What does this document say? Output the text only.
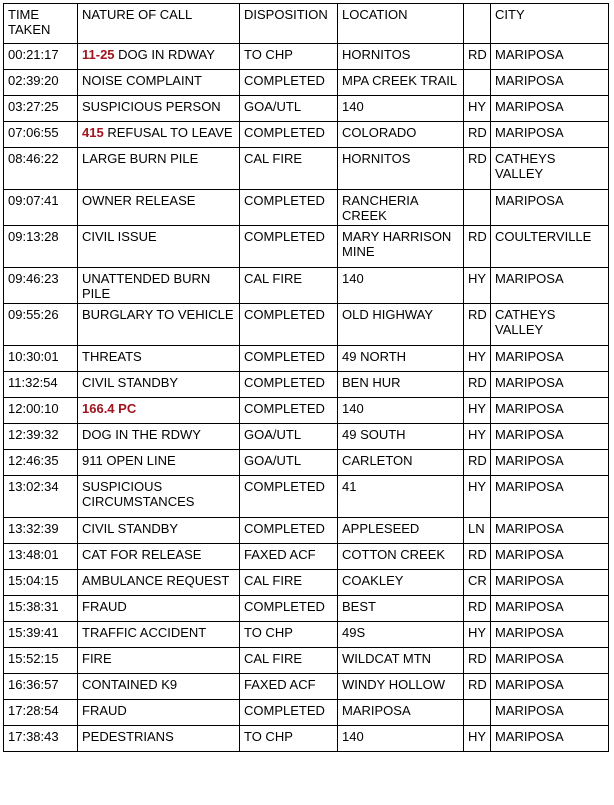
TIME TAKEN	NATURE OF CALL	DISPOSITION	LOCATION		CITY
00:21:17	11-25 DOG IN RDWAY	TO CHP	HORNITOS	RD	MARIPOSA
02:39:20	NOISE COMPLAINT	COMPLETED	MPA CREEK TRAIL		MARIPOSA
03:27:25	SUSPICIOUS PERSON	GOA/UTL	140	HY	MARIPOSA
07:06:55	415 REFUSAL TO LEAVE	COMPLETED	COLORADO	RD	MARIPOSA
08:46:22	LARGE BURN PILE	CAL FIRE	HORNITOS	RD	CATHEYS VALLEY
09:07:41	OWNER RELEASE	COMPLETED	RANCHERIA CREEK		MARIPOSA
09:13:28	CIVIL ISSUE	COMPLETED	MARY HARRISON MINE	RD	COULTERVILLE
09:46:23	UNATTENDED BURN PILE	CAL FIRE	140	HY	MARIPOSA
09:55:26	BURGLARY TO VEHICLE	COMPLETED	OLD HIGHWAY	RD	CATHEYS VALLEY
10:30:01	THREATS	COMPLETED	49 NORTH	HY	MARIPOSA
11:32:54	CIVIL STANDBY	COMPLETED	BEN HUR	RD	MARIPOSA
12:00:10	166.4 PC	COMPLETED	140	HY	MARIPOSA
12:39:32	DOG IN THE RDWY	GOA/UTL	49 SOUTH	HY	MARIPOSA
12:46:35	911 OPEN LINE	GOA/UTL	CARLETON	RD	MARIPOSA
13:02:34	SUSPICIOUS CIRCUMSTANCES	COMPLETED	41	HY	MARIPOSA
13:32:39	CIVIL STANDBY	COMPLETED	APPLESEED	LN	MARIPOSA
13:48:01	CAT FOR RELEASE	FAXED ACF	COTTON CREEK	RD	MARIPOSA
15:04:15	AMBULANCE REQUEST	CAL FIRE	COAKLEY	CR	MARIPOSA
15:38:31	FRAUD	COMPLETED	BEST	RD	MARIPOSA
15:39:41	TRAFFIC ACCIDENT	TO CHP	49S	HY	MARIPOSA
15:52:15	FIRE	CAL FIRE	WILDCAT MTN	RD	MARIPOSA
16:36:57	CONTAINED K9	FAXED ACF	WINDY HOLLOW	RD	MARIPOSA
17:28:54	FRAUD	COMPLETED	MARIPOSA		MARIPOSA
17:38:43	PEDESTRIANS	TO CHP	140	HY	MARIPOSA
